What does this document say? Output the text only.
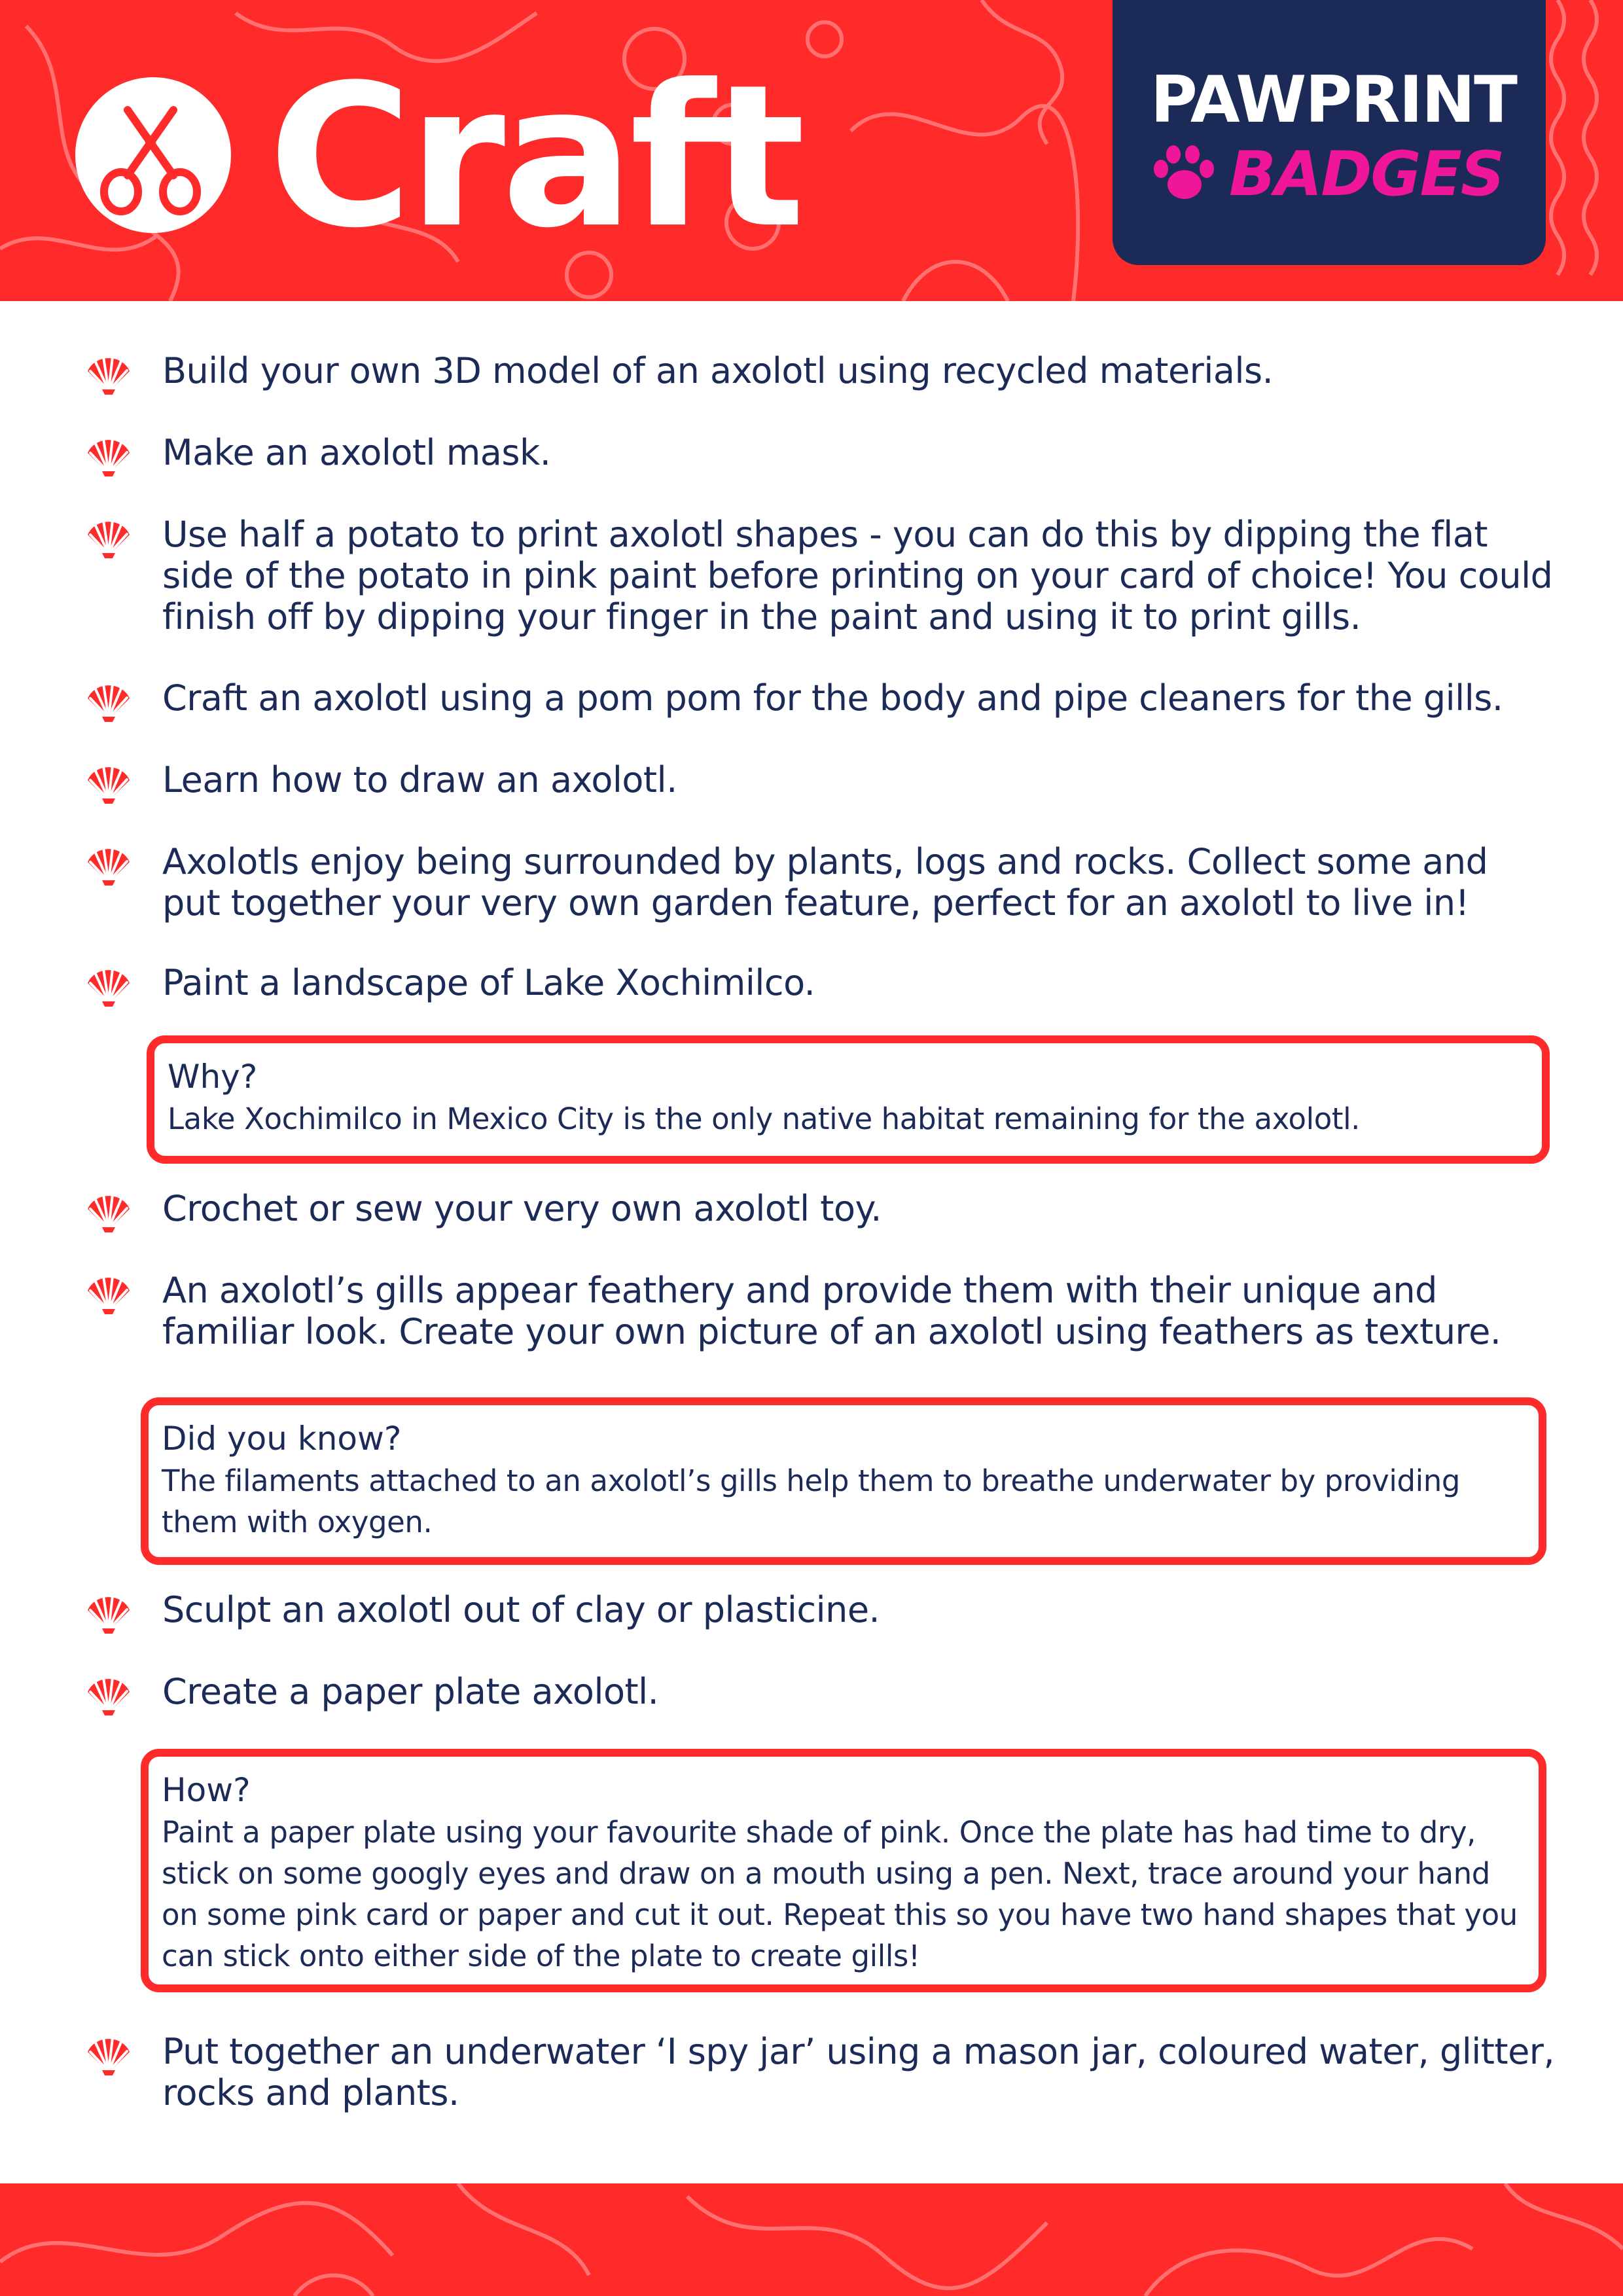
Craft	PAWPRINT
BADGES
Build your own 3D model of an axolotl using recycled materials.
Make an axolotl mask.
Use half a potato to print axolotl shapes - you can do this by dipping the flat side of the potato in pink paint before printing on your card of choice! You could finish off by dipping your finger in the paint and using it to print gills.
Craft an axolotl using a pom pom for the body and pipe cleaners for the gills.
Learn how to draw an axolotl.
Axolotls enjoy being surrounded by plants, logs and rocks. Collect some and put together your very own garden feature, perfect for an axolotl to live in!
Paint a landscape of Lake Xochimilco.
Why?
Lake Xochimilco in Mexico City is the only native habitat remaining for the axolotl.
Crochet or sew your very own axolotl toy.
An axolotl’s gills appear feathery and provide them with their unique and familiar look. Create your own picture of an axolotl using feathers as texture.
Did you know?
The filaments attached to an axolotl’s gills help them to breathe underwater by providing them with oxygen.
Sculpt an axolotl out of clay or plasticine.
Create a paper plate axolotl.
How?
Paint a paper plate using your favourite shade of pink. Once the plate has had time to dry, stick on some googly eyes and draw on a mouth using a pen. Next, trace around your hand on some pink card or paper and cut it out. Repeat this so you have two hand shapes that you can stick onto either side of the plate to create gills!
Put together an underwater ‘I spy jar’ using a mason jar, coloured water, glitter, rocks and plants.
